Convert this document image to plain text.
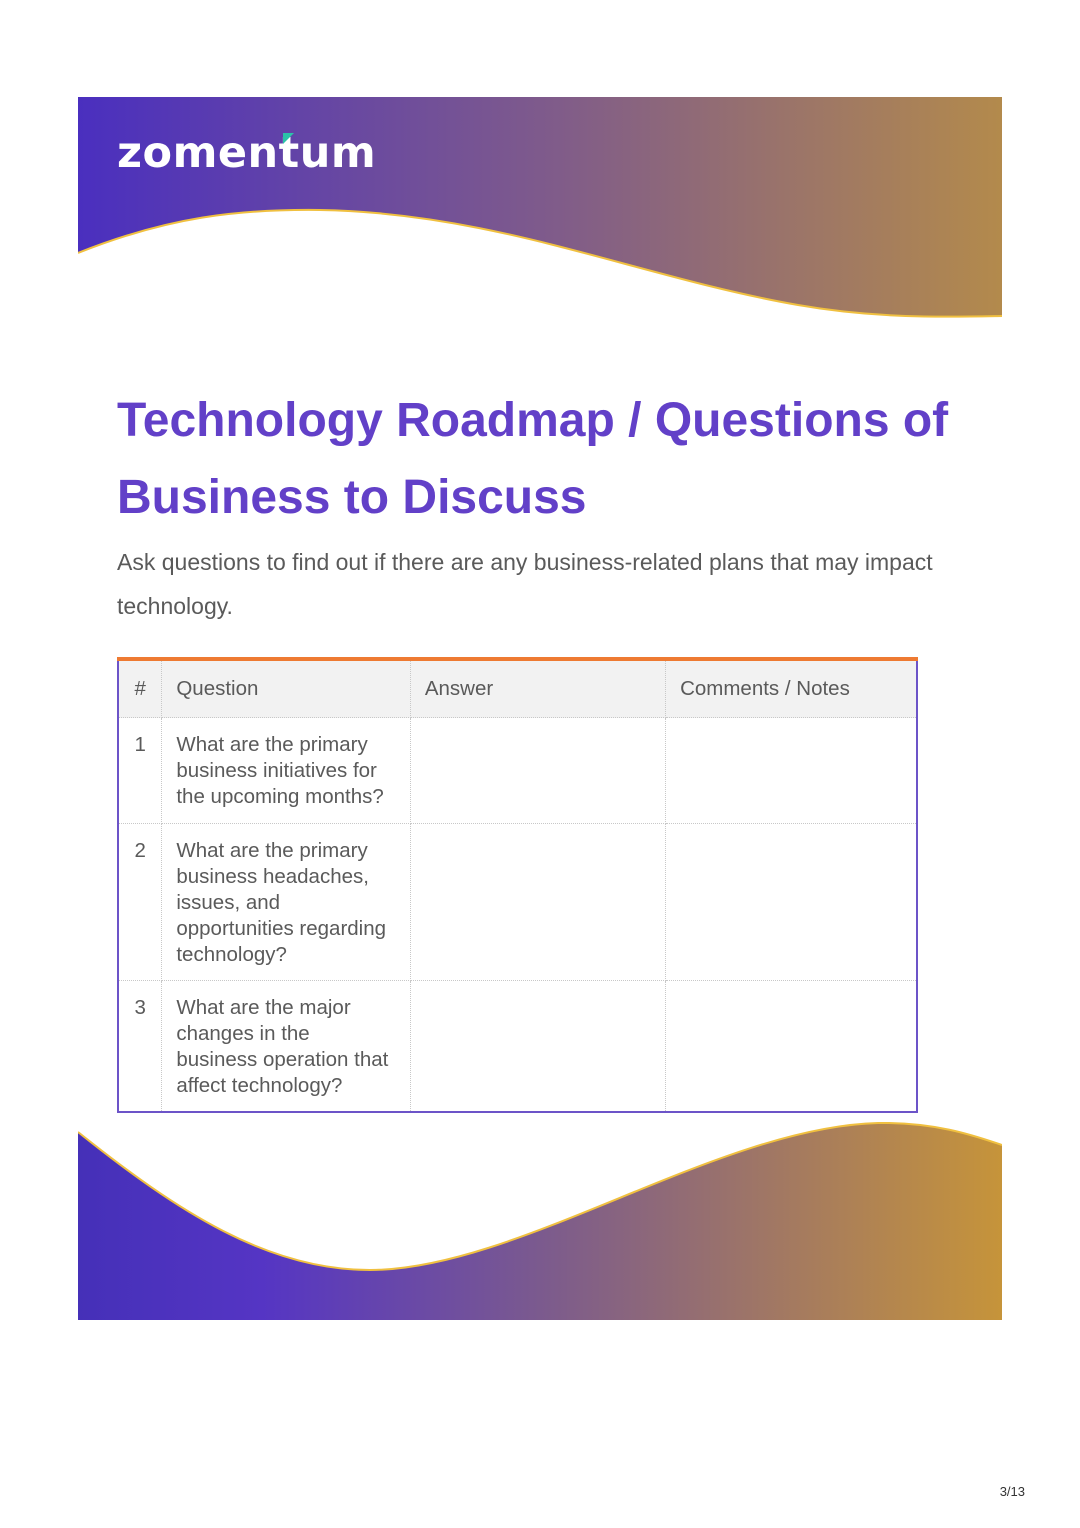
zomentum
Technology Roadmap / Questions of Business to Discuss

Ask questions to find out if there are any business-related plans that may impact technology.

#	Question	Answer	Comments / Notes
1	What are the primary business initiatives for the upcoming months?		
2	What are the primary business headaches, issues, and opportunities regarding technology?		
3	What are the major changes in the business operation that affect technology?		
3/13
